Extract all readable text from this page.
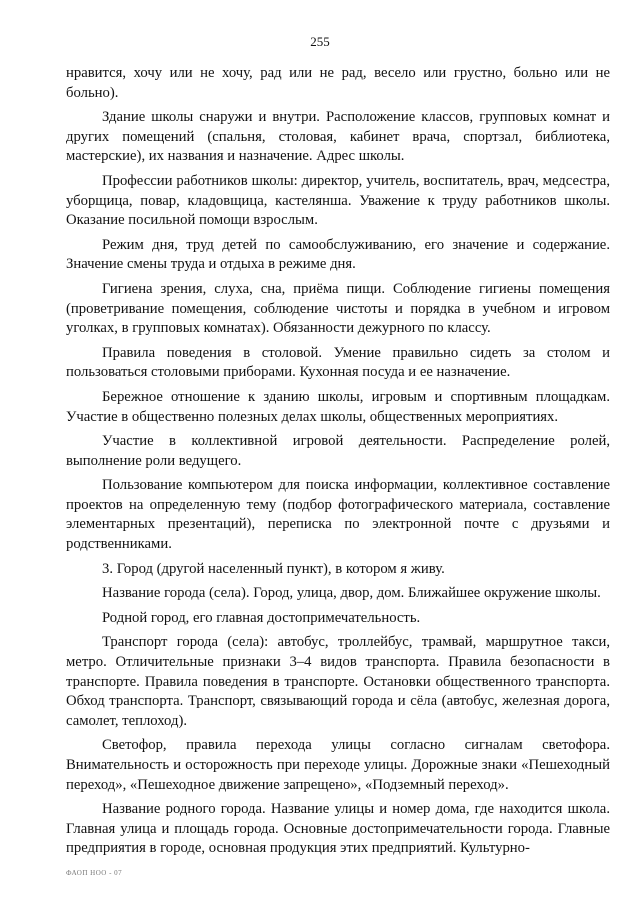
255

нравится, хочу или не хочу, рад или не рад, весело или грустно, больно или не больно).

Здание школы снаружи и внутри. Расположение классов, групповых комнат и других помещений (спальня, столовая, кабинет врача, спортзал, библиотека, мастерские), их названия и назначение. Адрес школы.

Профессии работников школы: директор, учитель, воспитатель, врач, медсестра, уборщица, повар, кладовщица, кастелянша. Уважение к труду работников школы. Оказание посильной помощи взрослым.

Режим дня, труд детей по самообслуживанию, его значение и содержание. Значение смены труда и отдыха в режиме дня.

Гигиена зрения, слуха, сна, приёма пищи. Соблюдение гигиены помещения (проветривание помещения, соблюдение чистоты и порядка в учебном и игровом уголках, в групповых комнатах). Обязанности дежурного по классу.

Правила поведения в столовой. Умение правильно сидеть за столом и пользоваться столовыми приборами. Кухонная посуда и ее назначение.

Бережное отношение к зданию школы, игровым и спортивным площадкам. Участие в общественно полезных делах школы, общественных мероприятиях.

Участие в коллективной игровой деятельности. Распределение ролей, выполнение роли ведущего.

Пользование компьютером для поиска информации, коллективное составление проектов на определенную тему (подбор фотографического материала, составление элементарных презентаций), переписка по электронной почте с друзьями и родственниками.

3. Город (другой населенный пункт), в котором я живу.

Название города (села). Город, улица, двор, дом. Ближайшее окружение школы.

Родной город, его главная достопримечательность.

Транспорт города (села): автобус, троллейбус, трамвай, маршрутное такси, метро. Отличительные признаки 3–4 видов транспорта. Правила безопасности в транспорте. Правила поведения в транспорте. Остановки общественного транспорта. Обход транспорта. Транспорт, связывающий города и сёла (автобус, железная дорога, самолет, теплоход).

Светофор, правила перехода улицы согласно сигналам светофора. Внимательность и осторожность при переходе улицы. Дорожные знаки «Пешеходный переход», «Пешеходное движение запрещено», «Подземный переход».

Название родного города. Название улицы и номер дома, где находится школа. Главная улица и площадь города. Основные достопримечательности города. Главные предприятия в городе, основная продукция этих предприятий. Культурно-

ФАОП НОО - 07
